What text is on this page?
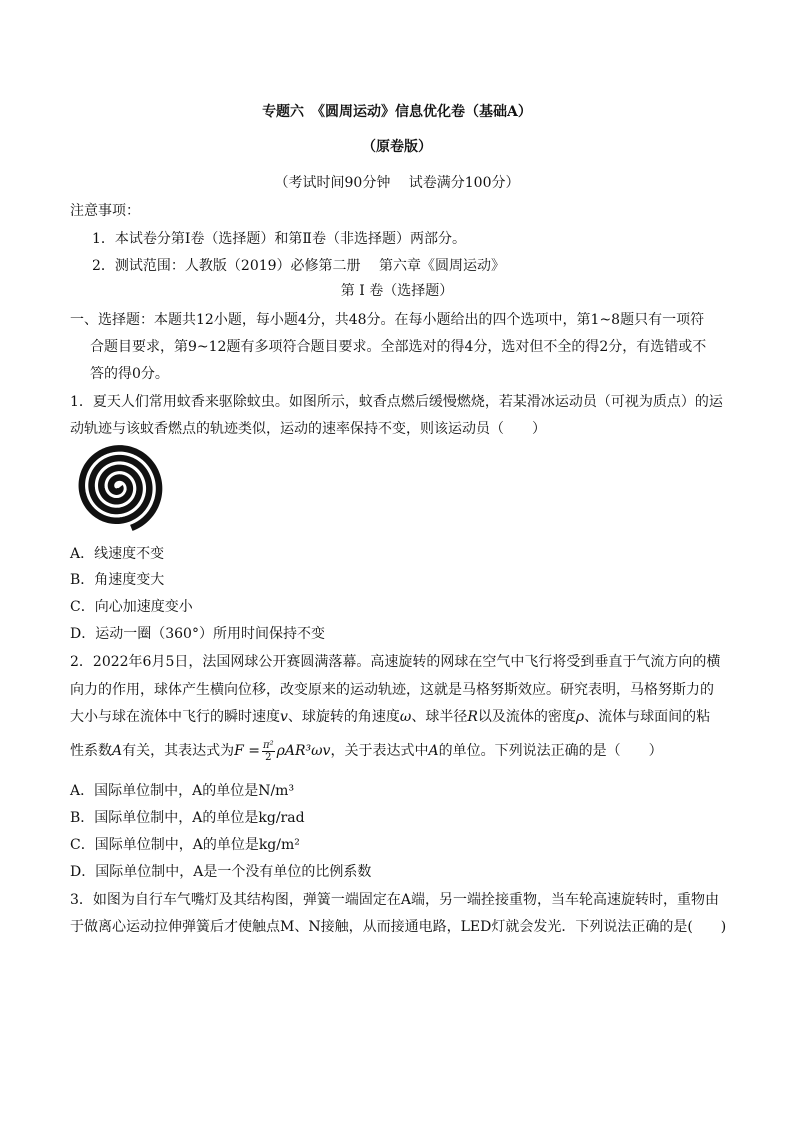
专题六　《圆周运动》信息优化卷（基础A）
（原卷版）
（考试时间90分钟　 试卷满分100分）
注意事项：
1．本试卷分第Ⅰ卷（选择题）和第Ⅱ卷（非选择题）两部分。
2．测试范围：人教版（2019）必修第二册　 第六章《圆周运动》
第 Ⅰ 卷（选择题）
一、选择题：本题共12小题，每小题4分，共48分。在每小题给出的四个选项中，第1~8题只有一项符
合题目要求，第9~12题有多项符合题目要求。全部选对的得4分，选对但不全的得2分，有选错或不
答的得0分。
1．夏天人们常用蚊香来驱除蚊虫。如图所示，蚊香点燃后缓慢燃烧，若某滑冰运动员（可视为质点）的运
动轨迹与该蚊香燃点的轨迹类似，运动的速率保持不变，则该运动员（　　）
A．线速度不变
B．角速度变大
C．向心加速度变小
D．运动一圈（360°）所用时间保持不变
2．2022年6月5日，法国网球公开赛圆满落幕。高速旋转的网球在空气中飞行将受到垂直于气流方向的横
向力的作用，球体产生横向位移，改变原来的运动轨迹，这就是马格努斯效应。研究表明，马格努斯力的
大小与球在流体中飞行的瞬时速度v、球旋转的角速度ω、球半径R以及流体的密度ρ、流体与球面间的粘
性系数A有关，其表达式为$F = \frac{\text{π²}}{2} \rho AR^3\omega v$，关于表达式中A的单位。下列说法正确的是（　　）
A．国际单位制中，A的单位是N/m³
B．国际单位制中，A的单位是kg/rad
C．国际单位制中，A的单位是kg/m²
D．国际单位制中，A是一个没有单位的比例系数
3．如图为自行车气嘴灯及其结构图，弹簧一端固定在A端，另一端拴接重物，当车轮高速旋转时，重物由
于做离心运动拉伸弹簧后才使触点M、N接触，从而接通电路，LED灯就会发光．下列说法正确的是(　　)
